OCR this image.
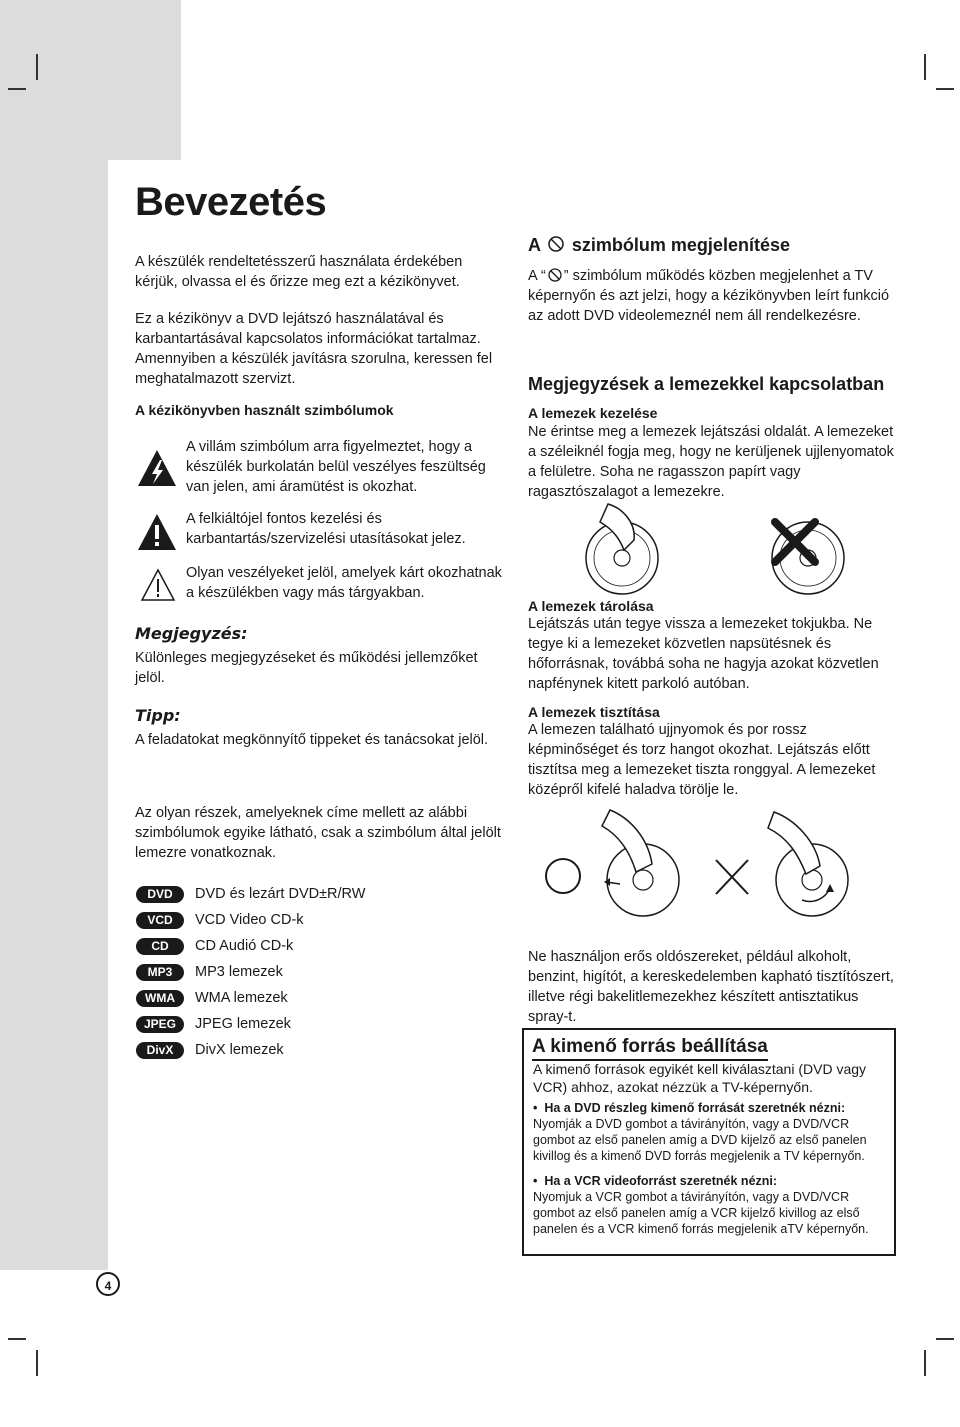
Bevezetés

A készülék rendeltetésszerű használata érdekében kérjük, olvassa el és őrizze meg ezt a kézikönyvet.

Ez a kézikönyv a DVD lejátszó használatával és karbantartásával kapcsolatos információkat tartalmaz. Amennyiben a készülék javításra szorulna, keressen fel meghatalmazott szervizt.

A kézikönyvben használt szimbólumok

A villám szimbólum arra figyelmeztet, hogy a készülék burkolatán belül veszélyes feszültség van jelen, ami áramütést is okozhat.

A felkiáltójel fontos kezelési és karbantartás/szervizelési utasításokat jelez.

Olyan veszélyeket jelöl, amelyek kárt okozhatnak a készülékben vagy más tárgyakban.

Megjegyzés:

Különleges megjegyzéseket és működési jellemzőket jelöl.

Tipp:

A feladatokat megkönnyítő tippeket és tanácsokat jelöl.

Az olyan részek, amelyeknek címe mellett az alábbi szimbólumok egyike látható, csak a szimbólum által jelölt lemezre vonatkoznak.

DVD	DVD és lezárt DVD±R/RW
VCD	VCD Video CD-k
CD	CD Audió CD-k
MP3	MP3 lemezek
WMA	WMA lemezek
JPEG	JPEG lemezek
DivX	DivX lemezek
A szimbólum megjelenítése
A “ ” szimbólum működés közben megjelenhet a TV képernyőn és azt jelzi, hogy a kézikönyvben leírt funkció az adott DVD videolemeznél nem áll rendelkezésre.

Megjegyzések a lemezekkel kapcsolatban

A lemezek kezelése

Ne érintse meg a lemezek lejátszási oldalát. A lemezeket a széleiknél fogja meg, hogy ne kerüljenek ujjlenyomatok a felületre. Soha ne ragasszon papírt vagy ragasztószalagot a lemezekre.

A lemezek tárolása

Lejátszás után tegye vissza a lemezeket tokjukba. Ne tegye ki a lemezeket közvetlen napsütésnek és hőforrásnak, továbbá soha ne hagyja azokat közvetlen napfénynek kitett parkoló autóban.

A lemezek tisztítása

A lemezen található ujjnyomok és por rossz képminőséget és torz hangot okozhat. Lejátszás előtt tisztítsa meg a lemezeket tiszta ronggyal. A lemezeket középről kifelé haladva törölje le.

Ne használjon erős oldószereket, például alkoholt, benzint, higítót, a kereskedelemben kapható tisztítószert, illetve régi bakelitlemezekhez készített antisztatikus spray-t.

A kimenő forrás beállítása

A kimenő források egyikét kell kiválasztani (DVD vagy VCR) ahhoz, azokat nézzük a TV-képernyőn.

•  Ha a DVD részleg kimenő forrását szeretnék nézni:

Nyomják a DVD gombot a távirányítón, vagy a DVD/VCR gombot az első panelen amíg a DVD kijelző az első panelen kivillog és a kimenő DVD forrás megjelenik a TV képernyőn.

•  Ha a VCR videoforrást szeretnék nézni:

Nyomjuk a VCR gombot a távirányítón, vagy a DVD/VCR gombot az első panelen amíg a VCR kijelző kivillog az első panelen és a VCR kimenő forrás megjelenik aTV képernyőn.

4
